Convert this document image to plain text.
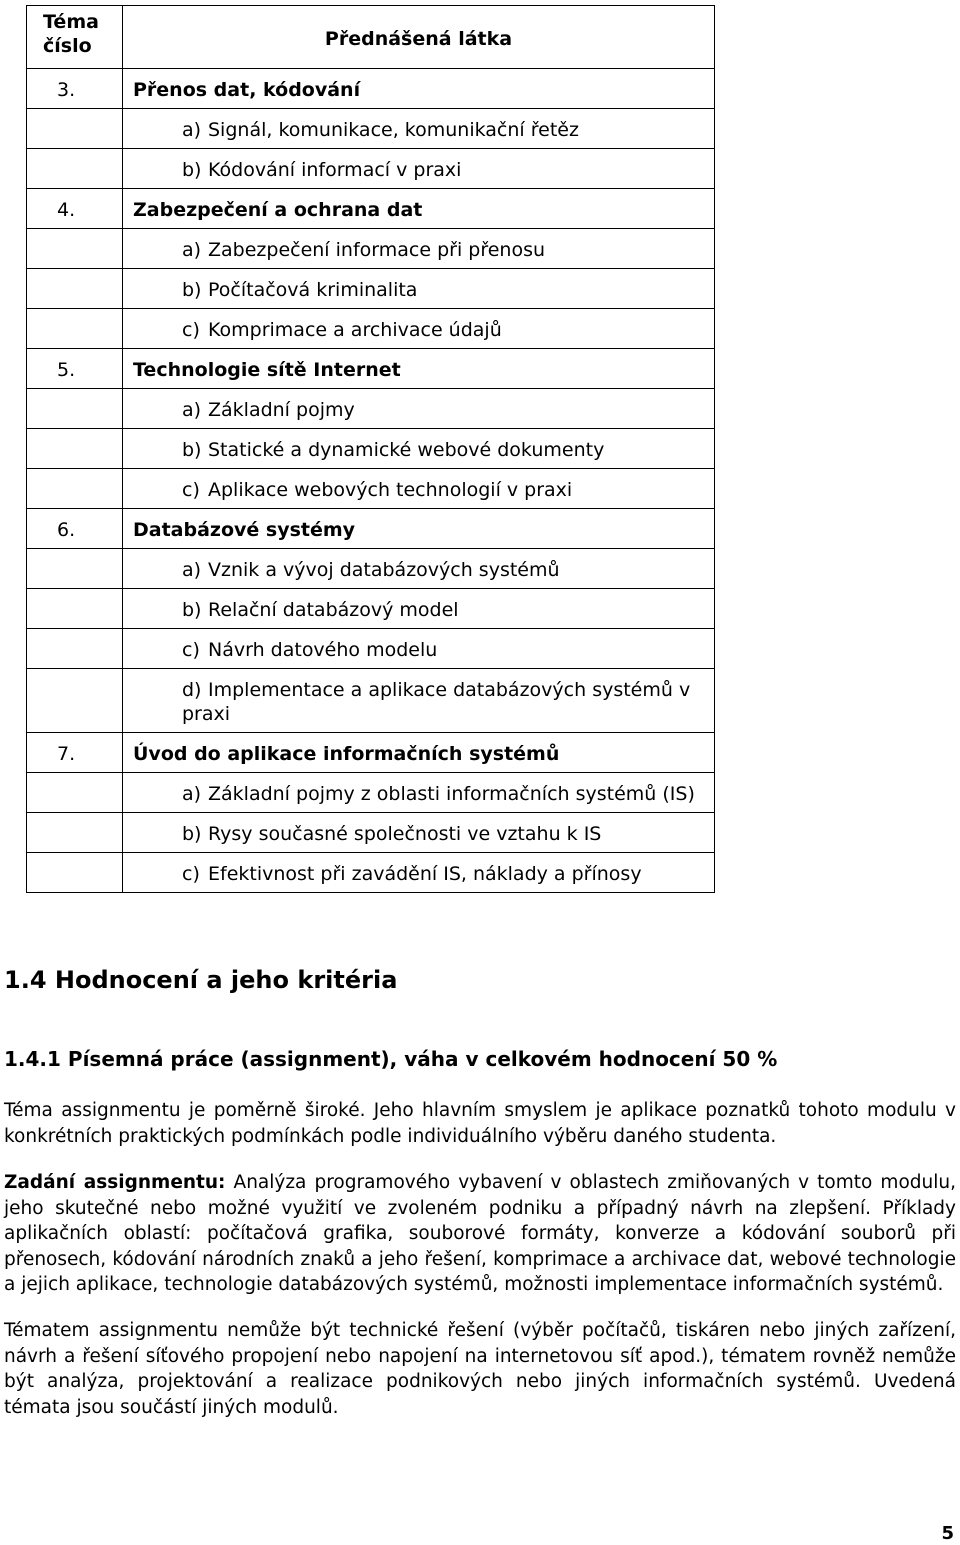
Téma číslo	Přednášená látka

3.	Přenos dat, kódování

	a) Signál, komunikace, komunikační řetěz

	b) Kódování informací v praxi

4.	Zabezpečení a ochrana dat

	a) Zabezpečení informace při přenosu

	b) Počítačová kriminalita

	c) Komprimace a archivace údajů

5.	Technologie sítě Internet

	a) Základní pojmy

	b) Statické a dynamické webové dokumenty

	c) Aplikace webových technologií v praxi

6.	Databázové systémy

	a) Vznik a vývoj databázových systémů

	b) Relační databázový model

	c) Návrh datového modelu

	d) Implementace a aplikace databázových systémů v praxi

7.	Úvod do aplikace informačních systémů

	a) Základní pojmy z oblasti informačních systémů (IS)

	b) Rysy současné společnosti ve vztahu k IS

	c) Efektivnost při zavádění IS, náklady a přínosy
1.4 Hodnocení a jeho kritéria
1.4.1 Písemná práce (assignment), váha v celkovém hodnocení 50 %

Téma assignmentu je poměrně široké. Jeho hlavním smyslem je aplikace poznatků tohoto modulu v konkrétních praktických podmínkách podle individuálního výběru daného studenta.

Zadání assignmentu: Analýza programového vybavení v oblastech zmiňovaných v tomto modulu, jeho skutečné nebo možné využití ve zvoleném podniku a případný návrh na zlepšení. Příklady aplikačních oblastí: počítačová grafika, souborové formáty, konverze a kódování souborů při přenosech, kódování národních znaků a jeho řešení, komprimace a archivace dat, webové technologie a jejich aplikace, technologie databázových systémů, možnosti implementace informačních systémů.

Tématem assignmentu nemůže být technické řešení (výběr počítačů, tiskáren nebo jiných zařízení, návrh a řešení síťového propojení nebo napojení na internetovou síť apod.), tématem rovněž nemůže být analýza, projektování a realizace podnikových nebo jiných informačních systémů. Uvedená témata jsou součástí jiných modulů.

5
